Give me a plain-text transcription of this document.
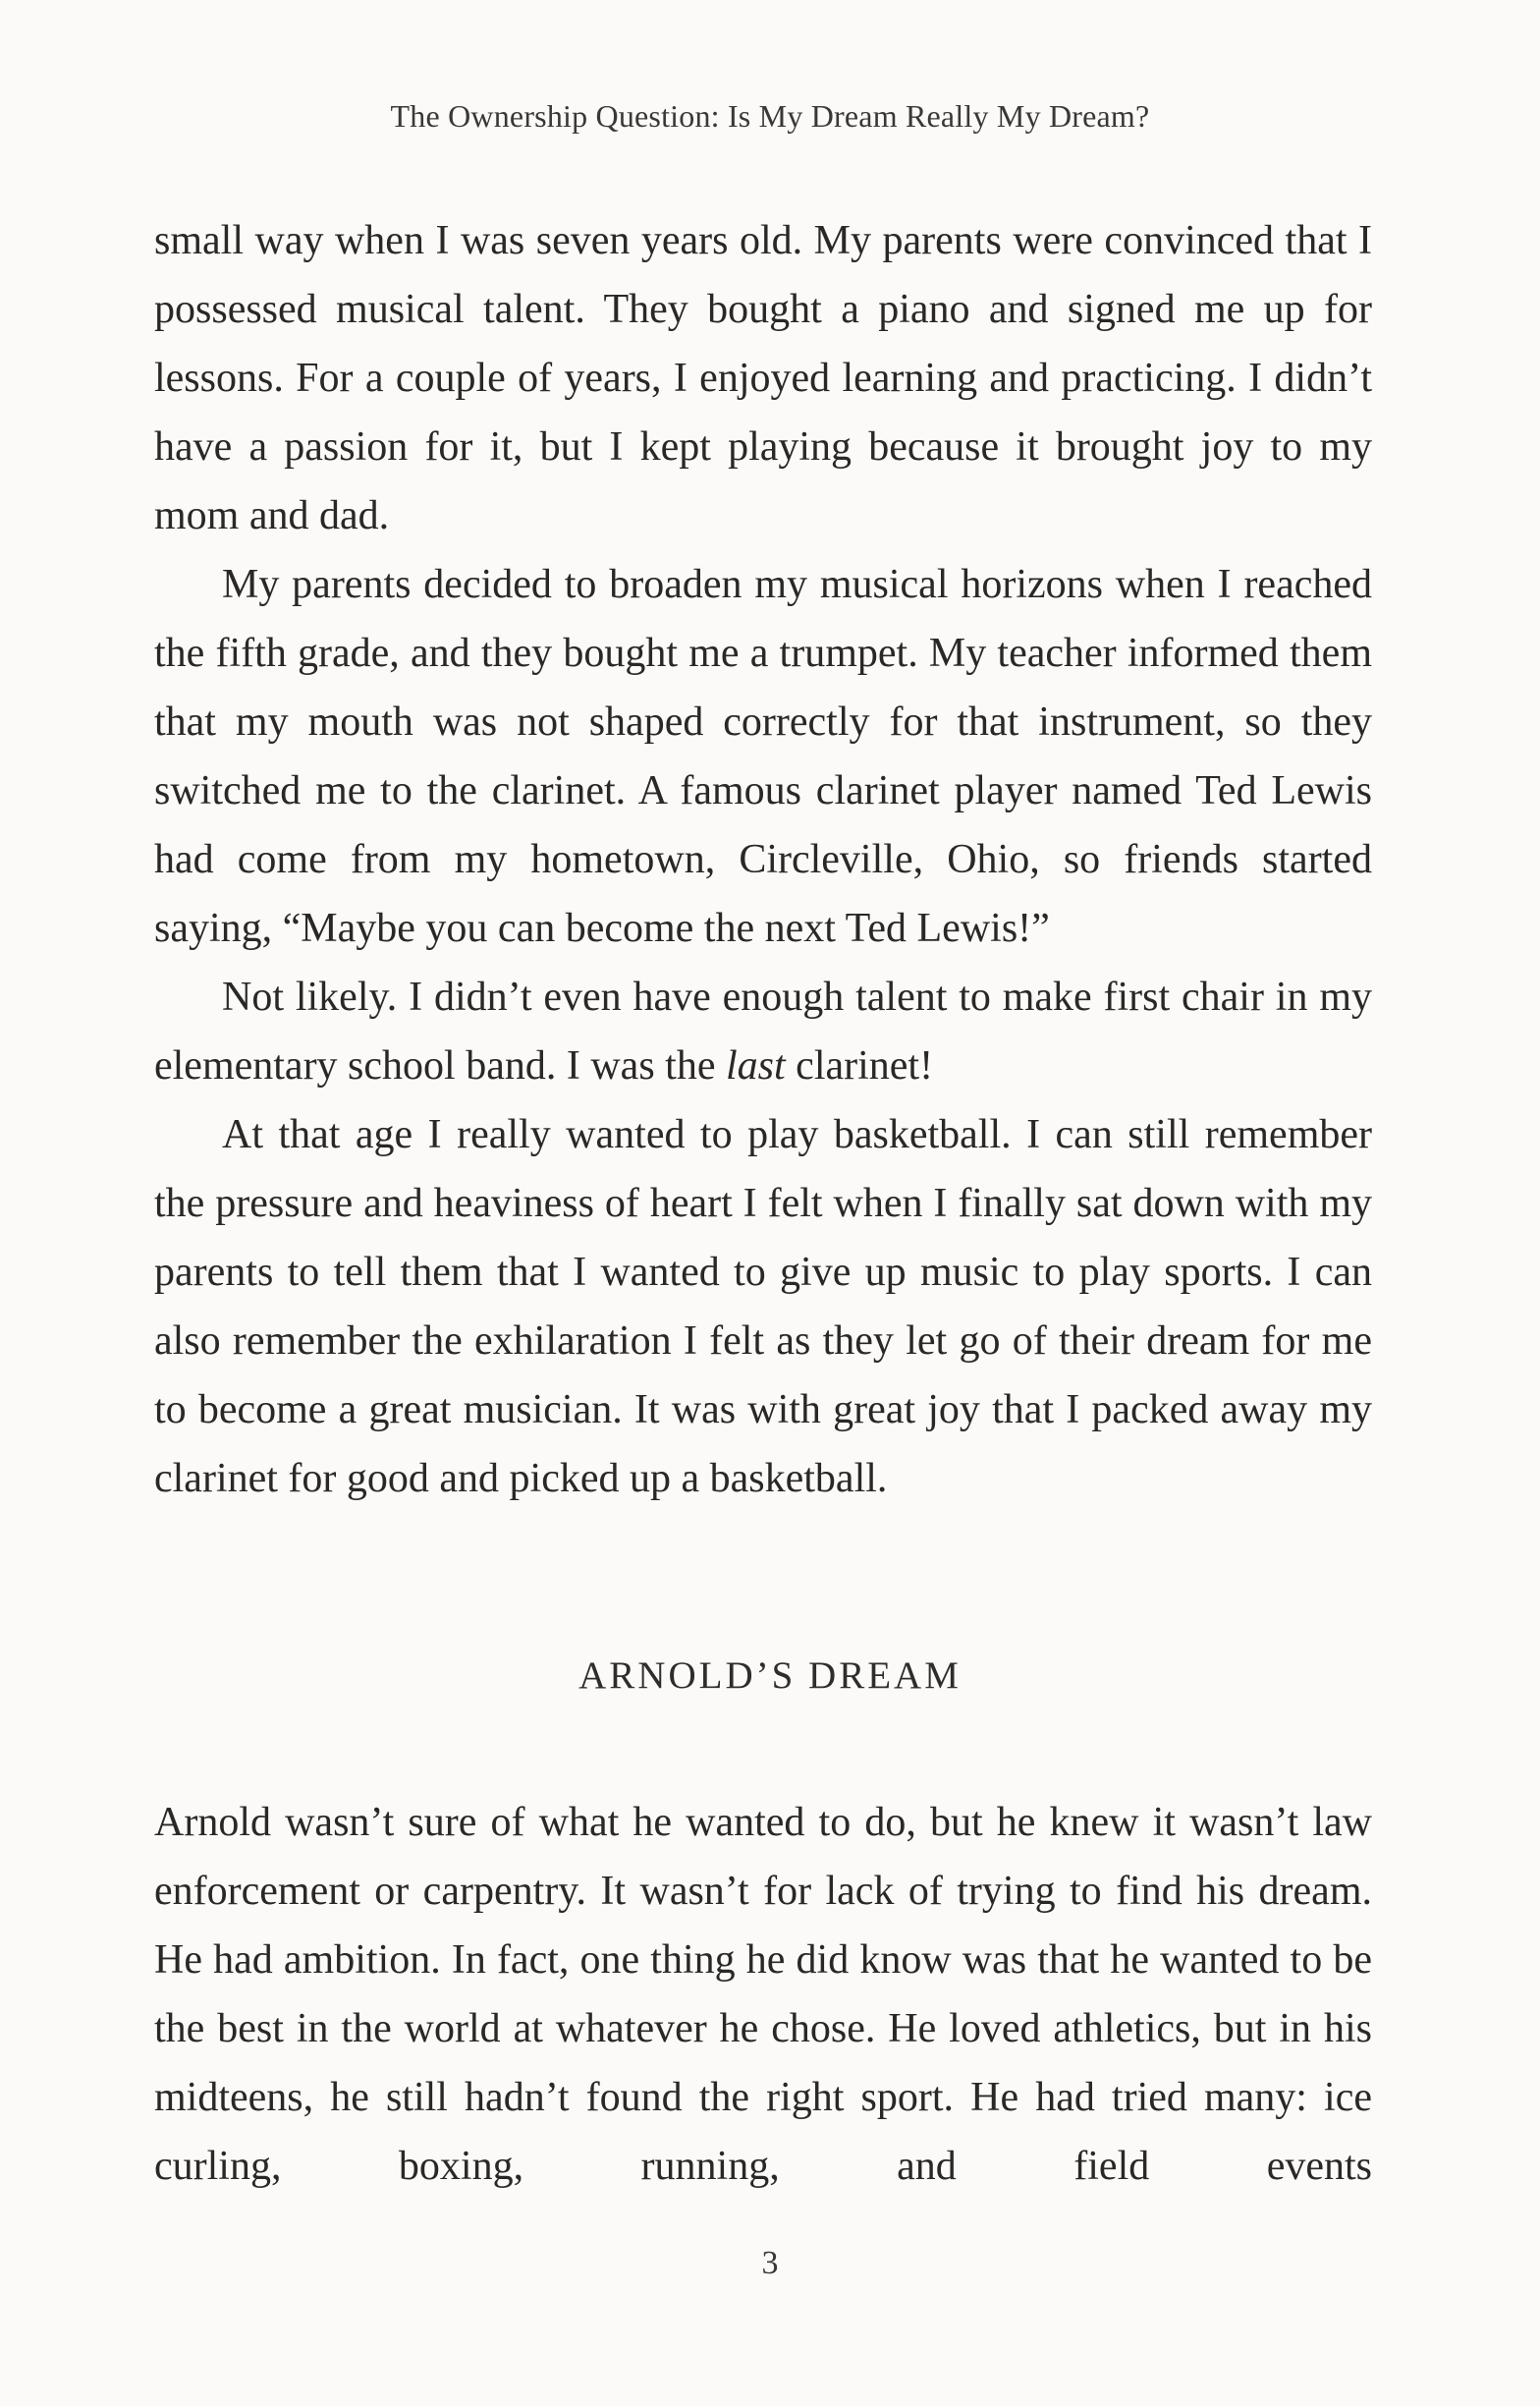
The Ownership Question: Is My Dream Really My Dream?

small way when I was seven years old. My parents were convinced that I possessed musical talent. They bought a piano and signed me up for lessons. For a couple of years, I enjoyed learning and practicing. I didn’t have a passion for it, but I kept playing because it brought joy to my mom and dad.

My parents decided to broaden my musical horizons when I reached the fifth grade, and they bought me a trumpet. My teacher informed them that my mouth was not shaped correctly for that instrument, so they switched me to the clarinet. A famous clarinet player named Ted Lewis had come from my hometown, Circleville, Ohio, so friends started saying, “Maybe you can become the next Ted Lewis!”

Not likely. I didn’t even have enough talent to make first chair in my elementary school band. I was the last clarinet!

At that age I really wanted to play basketball. I can still remember the pressure and heaviness of heart I felt when I finally sat down with my parents to tell them that I wanted to give up music to play sports. I can also remember the exhilaration I felt as they let go of their dream for me to become a great musician. It was with great joy that I packed away my clarinet for good and picked up a basketball.

ARNOLD’S DREAM

Arnold wasn’t sure of what he wanted to do, but he knew it wasn’t law enforcement or carpentry. It wasn’t for lack of trying to find his dream. He had ambition. In fact, one thing he did know was that he wanted to be the best in the world at whatever he chose. He loved athletics, but in his midteens, he still hadn’t found the right sport. He had tried many: ice curling, boxing, running, and field events

3
